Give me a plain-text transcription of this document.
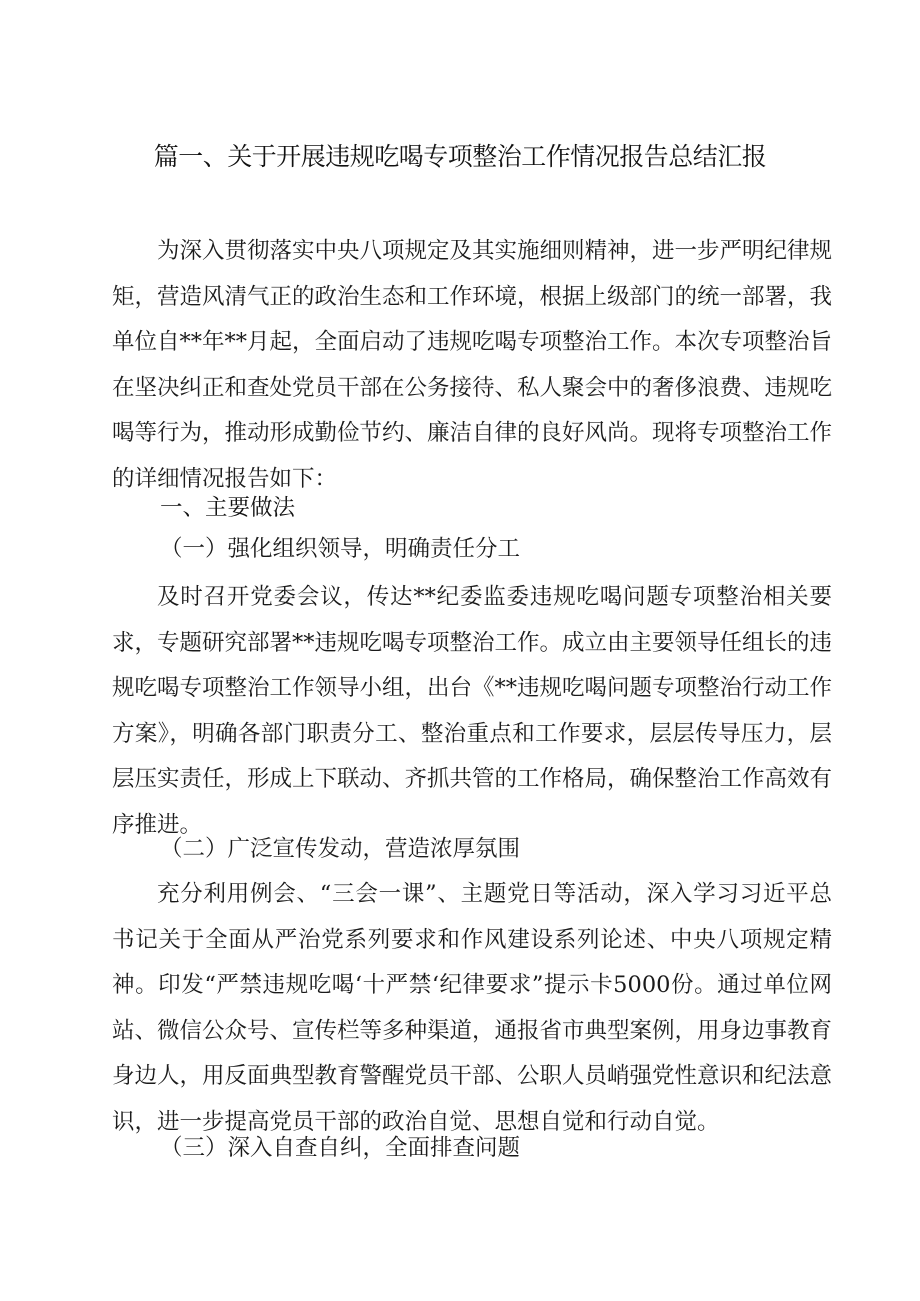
篇一、关于开展违规吃喝专项整治工作情况报告总结汇报

为深入贯彻落实中央八项规定及其实施细则精神，进一步严明纪律规矩，营造风清气正的政治生态和工作环境，根据上级部门的统一部署，我单位自**年**月起，全面启动了违规吃喝专项整治工作。本次专项整治旨在坚决纠正和查处党员干部在公务接待、私人聚会中的奢侈浪费、违规吃喝等行为，推动形成勤俭节约、廉洁自律的良好风尚。现将专项整治工作的详细情况报告如下：

一、主要做法
（一）强化组织领导，明确责任分工

及时召开党委会议，传达**纪委监委违规吃喝问题专项整治相关要求，专题研究部署**违规吃喝专项整治工作。成立由主要领导任组长的违规吃喝专项整治工作领导小组，出台《**违规吃喝问题专项整治行动工作方案》，明确各部门职责分工、整治重点和工作要求，层层传导压力，层层压实责任，形成上下联动、齐抓共管的工作格局，确保整治工作高效有序推进。

（二）广泛宣传发动，营造浓厚氛围

充分利用例会、“三会一课”、主题党日等活动，深入学习习近平总书记关于全面从严治党系列要求和作风建设系列论述、中央八项规定精神。印发“严禁违规吃喝‘十严禁‘纪律要求”提示卡5000份。通过单位网站、微信公众号、宣传栏等多种渠道，通报省市典型案例，用身边事教育身边人，用反面典型教育警醒党员干部、公职人员峭强党性意识和纪法意识，进一步提高党员干部的政治自觉、思想自觉和行动自觉。

（三）深入自查自纠，全面排查问题
